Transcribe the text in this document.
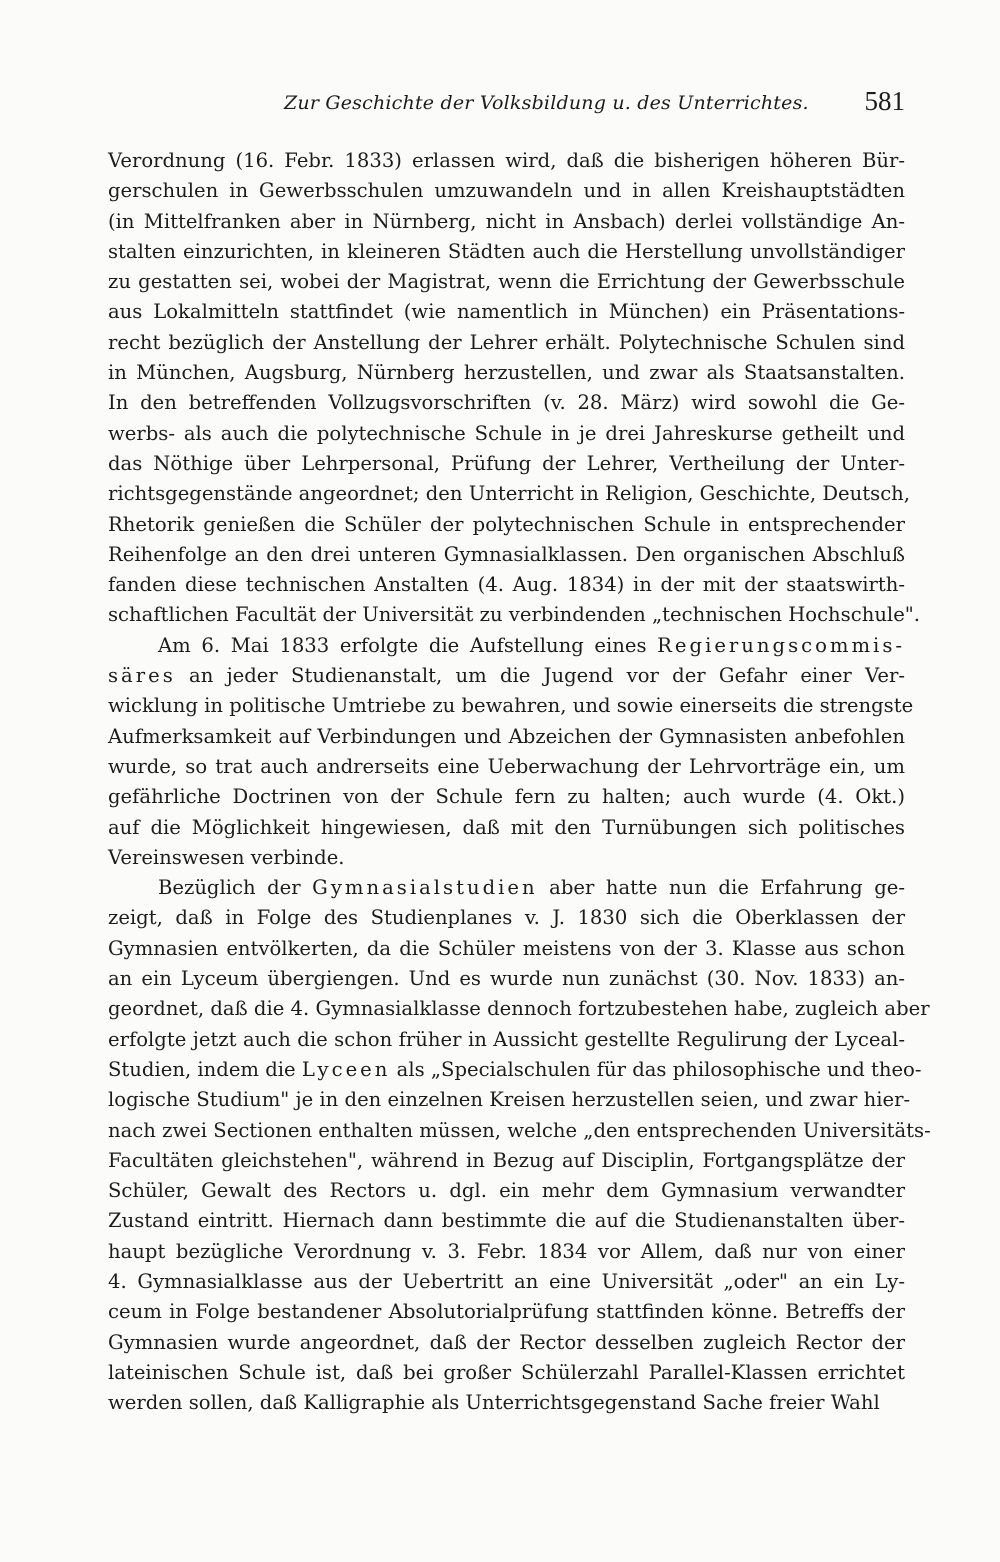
Zur Geschichte der Volksbildung u. des Unterrichtes. 581
Verordnung (16. Febr. 1833) erlassen wird, daß die bisherigen höheren Bür-
gerschulen in Gewerbsschulen umzuwandeln und in allen Kreishauptstädten
(in Mittelfranken aber in Nürnberg, nicht in Ansbach) derlei vollständige An-
stalten einzurichten, in kleineren Städten auch die Herstellung unvollständiger
zu gestatten sei, wobei der Magistrat, wenn die Errichtung der Gewerbsschule
aus Lokalmitteln stattfindet (wie namentlich in München) ein Präsentations-
recht bezüglich der Anstellung der Lehrer erhält. Polytechnische Schulen sind
in München, Augsburg, Nürnberg herzustellen, und zwar als Staatsanstalten.
In den betreffenden Vollzugsvorschriften (v. 28. März) wird sowohl die Ge-
werbs- als auch die polytechnische Schule in je drei Jahreskurse getheilt und
das Nöthige über Lehrpersonal, Prüfung der Lehrer, Vertheilung der Unter-
richtsgegenstände angeordnet; den Unterricht in Religion, Geschichte, Deutsch,
Rhetorik genießen die Schüler der polytechnischen Schule in entsprechender
Reihenfolge an den drei unteren Gymnasialklassen. Den organischen Abschluß
fanden diese technischen Anstalten (4. Aug. 1834) in der mit der staatswirth-
schaftlichen Facultät der Universität zu verbindenden „technischen Hochschule".
Am 6. Mai 1833 erfolgte die Aufstellung eines Regierungscommis-
säres an jeder Studienanstalt, um die Jugend vor der Gefahr einer Ver-
wicklung in politische Umtriebe zu bewahren, und sowie einerseits die strengste
Aufmerksamkeit auf Verbindungen und Abzeichen der Gymnasisten anbefohlen
wurde, so trat auch andrerseits eine Ueberwachung der Lehrvorträge ein, um
gefährliche Doctrinen von der Schule fern zu halten; auch wurde (4. Okt.)
auf die Möglichkeit hingewiesen, daß mit den Turnübungen sich politisches
Vereinswesen verbinde.
Bezüglich der Gymnasialstudien aber hatte nun die Erfahrung ge-
zeigt, daß in Folge des Studienplanes v. J. 1830 sich die Oberklassen der
Gymnasien entvölkerten, da die Schüler meistens von der 3. Klasse aus schon
an ein Lyceum übergiengen. Und es wurde nun zunächst (30. Nov. 1833) an-
geordnet, daß die 4. Gymnasialklasse dennoch fortzubestehen habe, zugleich aber
erfolgte jetzt auch die schon früher in Aussicht gestellte Regulirung der Lyceal-
Studien, indem die Lyceen als „Specialschulen für das philosophische und theo-
logische Studium" je in den einzelnen Kreisen herzustellen seien, und zwar hier-
nach zwei Sectionen enthalten müssen, welche „den entsprechenden Universitäts-
Facultäten gleichstehen", während in Bezug auf Disciplin, Fortgangsplätze der
Schüler, Gewalt des Rectors u. dgl. ein mehr dem Gymnasium verwandter
Zustand eintritt. Hiernach dann bestimmte die auf die Studienanstalten über-
haupt bezügliche Verordnung v. 3. Febr. 1834 vor Allem, daß nur von einer
4. Gymnasialklasse aus der Uebertritt an eine Universität „oder" an ein Ly-
ceum in Folge bestandener Absolutorialprüfung stattfinden könne. Betreffs der
Gymnasien wurde angeordnet, daß der Rector desselben zugleich Rector der
lateinischen Schule ist, daß bei großer Schülerzahl Parallel-Klassen errichtet
werden sollen, daß Kalligraphie als Unterrichtsgegenstand Sache freier Wahl
